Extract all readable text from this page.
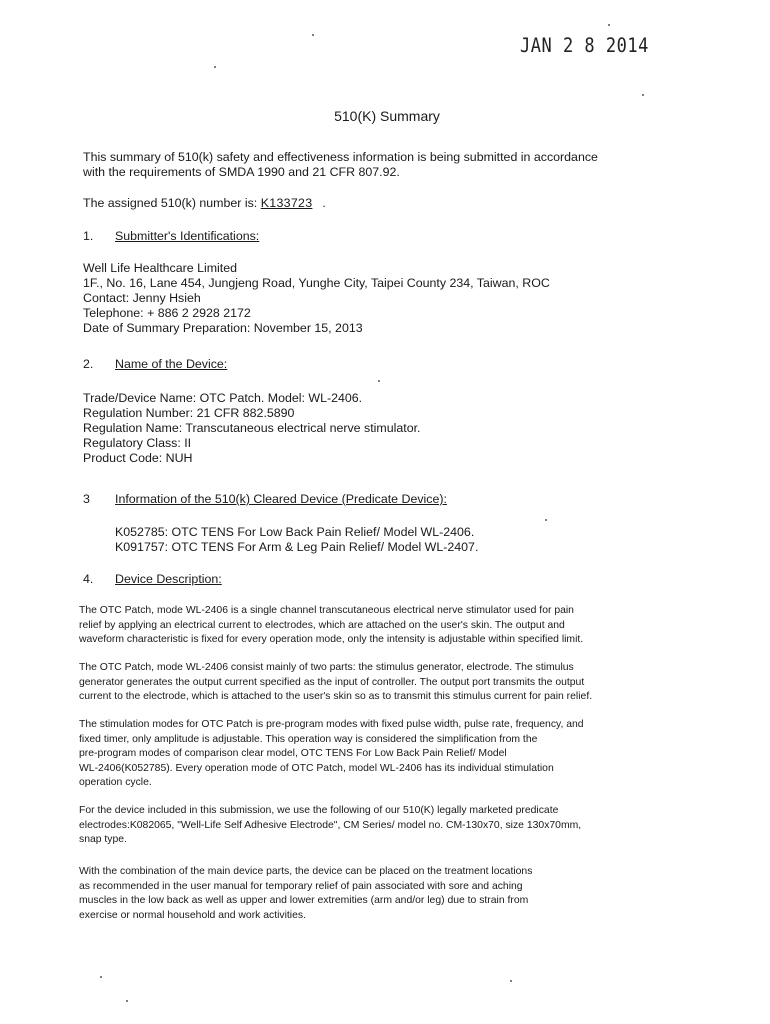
JAN 2 8 2014
510(K) Summary
This summary of 510(k) safety and effectiveness information is being submitted in accordance
with the requirements of SMDA 1990 and 21 CFR 807.92.
The assigned 510(k) number is: K133723 .
1. Submitter's Identifications:
Well Life Healthcare Limited
1F., No. 16, Lane 454, Jungjeng Road, Yunghe City, Taipei County 234, Taiwan, ROC
Contact: Jenny Hsieh
Telephone: + 886 2 2928 2172
Date of Summary Preparation: November 15, 2013
2. Name of the Device:
Trade/Device Name: OTC Patch. Model: WL-2406.
Regulation Number: 21 CFR 882.5890
Regulation Name: Transcutaneous electrical nerve stimulator.
Regulatory Class: II
Product Code: NUH
3 Information of the 510(k) Cleared Device (Predicate Device):
K052785: OTC TENS For Low Back Pain Relief/ Model WL-2406.
K091757: OTC TENS For Arm & Leg Pain Relief/ Model WL-2407.
4. Device Description:
The OTC Patch, mode WL-2406 is a single channel transcutaneous electrical nerve stimulator used for pain
relief by applying an electrical current to electrodes, which are attached on the user's skin. The output and
waveform characteristic is fixed for every operation mode, only the intensity is adjustable within specified limit.
The OTC Patch, mode WL-2406 consist mainly of two parts: the stimulus generator, electrode. The stimulus
generator generates the output current specified as the input of controller. The output port transmits the output
current to the electrode, which is attached to the user's skin so as to transmit this stimulus current for pain relief.
The stimulation modes for OTC Patch is pre-program modes with fixed pulse width, pulse rate, frequency, and
fixed timer, only amplitude is adjustable. This operation way is considered the simplification from the
pre-program modes of comparison clear model, OTC TENS For Low Back Pain Relief/ Model
WL-2406(K052785). Every operation mode of OTC Patch, model WL-2406 has its individual stimulation
operation cycle.
For the device included in this submission, we use the following of our 510(K) legally marketed predicate
electrodes:K082065, "Well-Life Self Adhesive Electrode", CM Series/ model no. CM-130x70, size 130x70mm,
snap type.
With the combination of the main device parts, the device can be placed on the treatment locations
as recommended in the user manual for temporary relief of pain associated with sore and aching
muscles in the low back as well as upper and lower extremities (arm and/or leg) due to strain from
exercise or normal household and work activities.
